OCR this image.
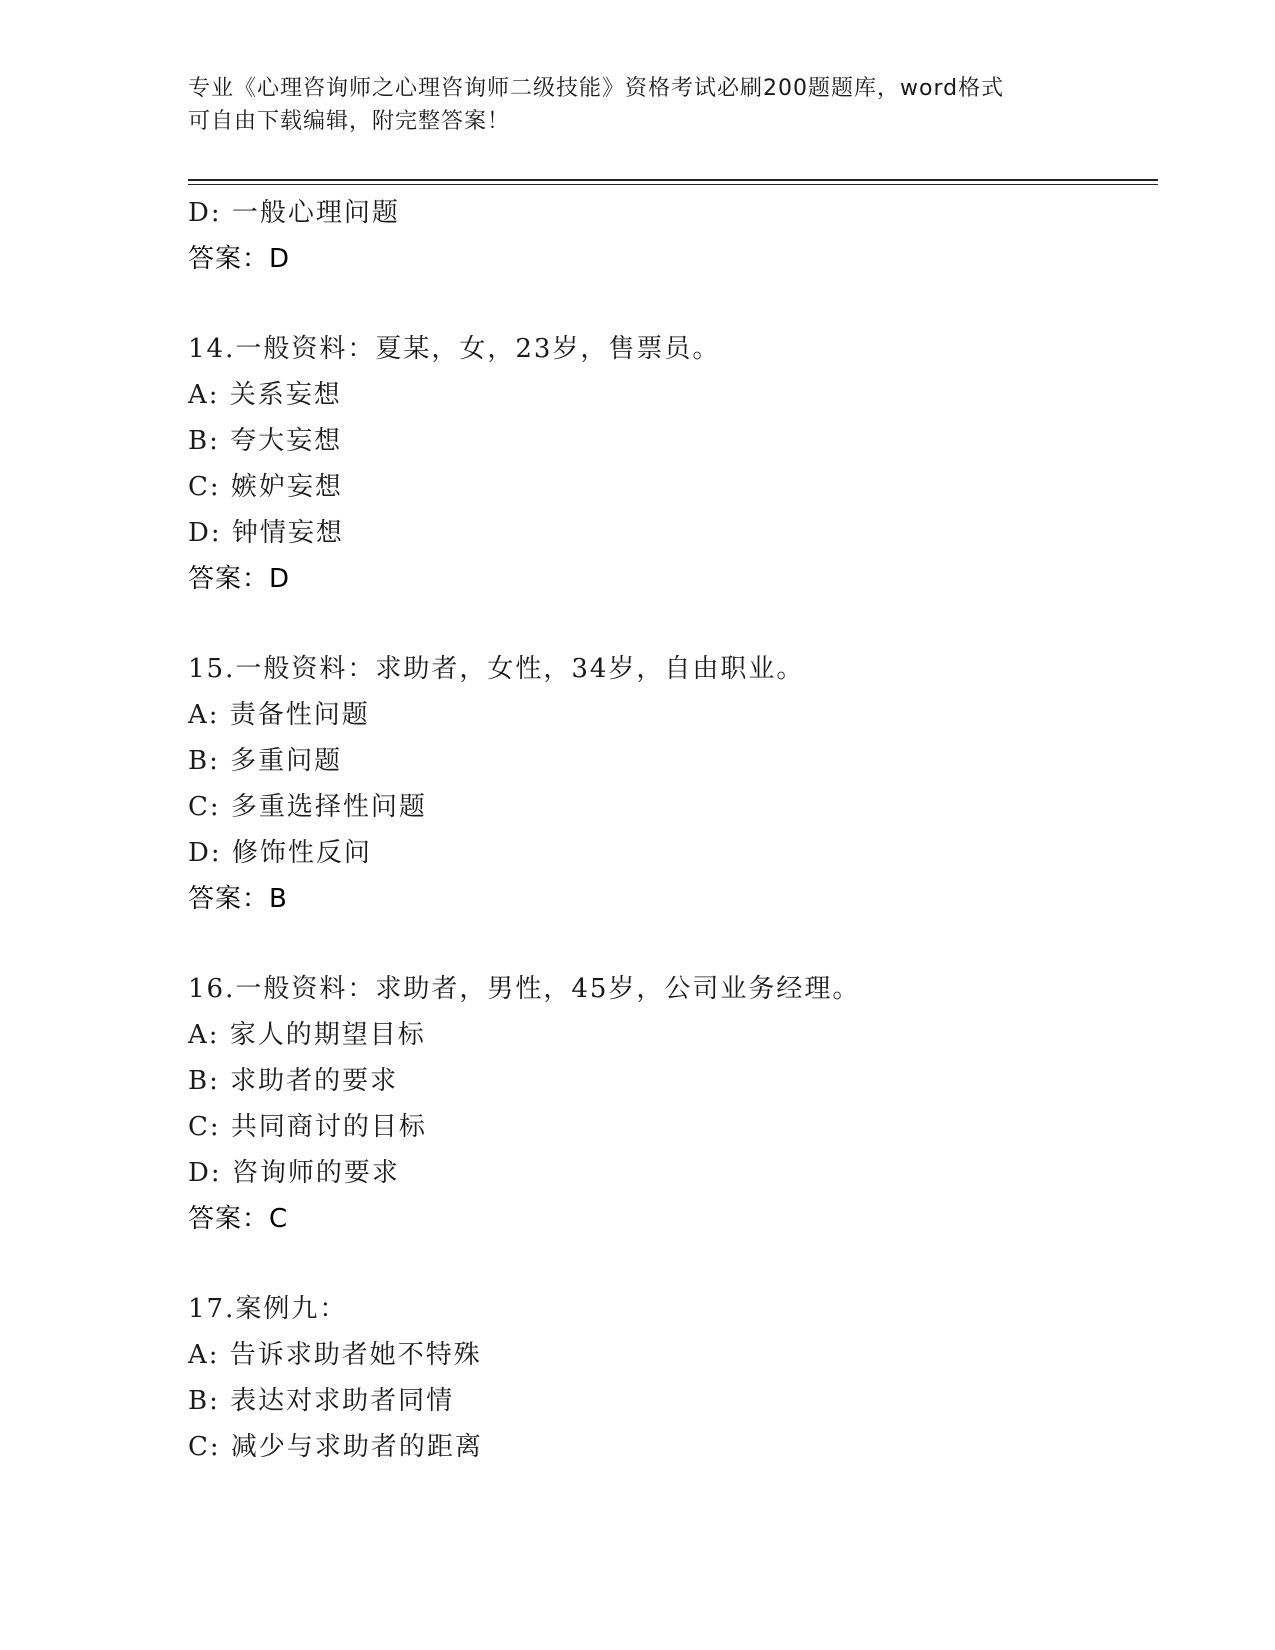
专业《心理咨询师之心理咨询师二级技能》资格考试必刷200题题库，word格式
可自由下载编辑，附完整答案！
D: 一般心理问题
答案：D
14.一般资料：夏某，女，23岁，售票员。
A: 关系妄想
B: 夸大妄想
C: 嫉妒妄想
D: 钟情妄想
答案：D
15.一般资料：求助者，女性，34岁，自由职业。
A: 责备性问题
B: 多重问题
C: 多重选择性问题
D: 修饰性反问
答案：B
16.一般资料：求助者，男性，45岁，公司业务经理。
A: 家人的期望目标
B: 求助者的要求
C: 共同商讨的目标
D: 咨询师的要求
答案：C
17.案例九：
A: 告诉求助者她不特殊
B: 表达对求助者同情
C: 减少与求助者的距离
